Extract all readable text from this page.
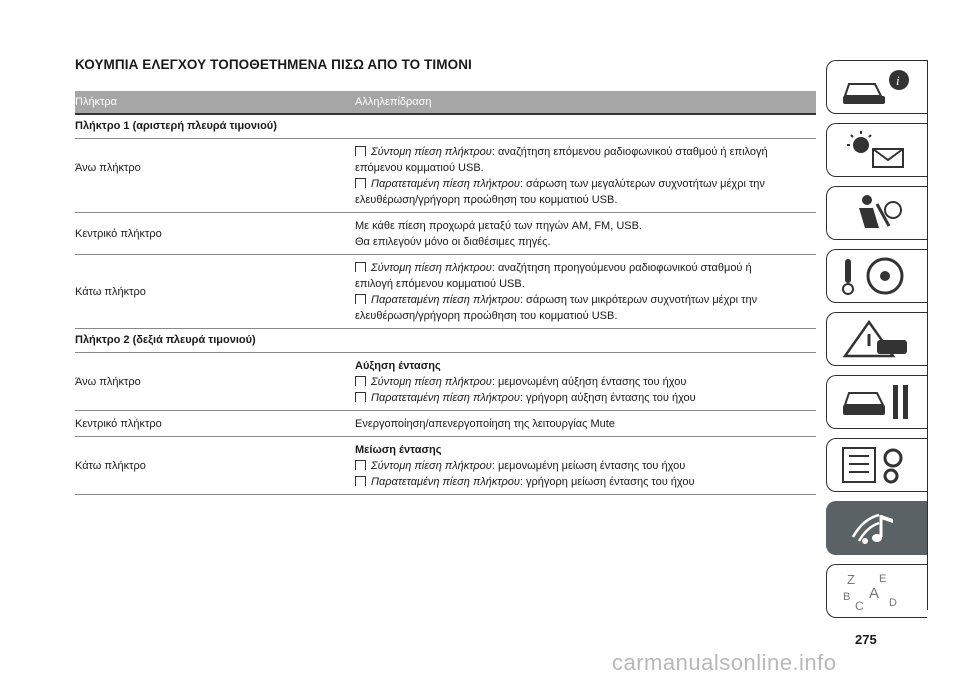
ΚΟΥΜΠΙΑ ΕΛΕΓΧΟΥ ΤΟΠΟΘΕΤΗΜΕΝΑ ΠΙΣΩ ΑΠΟ ΤΟ ΤΙΜΟΝΙ
Πλήκτρα	Αλληλεπίδραση
Πλήκτρο 1 (αριστερή πλευρά τιμονιού)
Άνω πλήκτρο
Σύντομη πίεση πλήκτρου: αναζήτηση επόμενου ραδιοφωνικού σταθμού ή επιλογή
επόμενου κομματιού USB.
Παρατεταμένη πίεση πλήκτρου: σάρωση των μεγαλύτερων συχνοτήτων μέχρι την
ελευθέρωση/γρήγορη προώθηση του κομματιού USB.
Κεντρικό πλήκτρο
Με κάθε πίεση προχωρά μεταξύ των πηγών AM, FM, USB.
Θα επιλεγούν μόνο οι διαθέσιμες πηγές.
Κάτω πλήκτρο
Σύντομη πίεση πλήκτρου: αναζήτηση προηγούμενου ραδιοφωνικού σταθμού ή
επιλογή επόμενου κομματιού USB.
Παρατεταμένη πίεση πλήκτρου: σάρωση των μικρότερων συχνοτήτων μέχρι την
ελευθέρωση/γρήγορη προώθηση του κομματιού USB.
Πλήκτρο 2 (δεξιά πλευρά τιμονιού)
Άνω πλήκτρο
Αύξηση έντασης
Σύντομη πίεση πλήκτρου: μεμονωμένη αύξηση έντασης του ήχου
Παρατεταμένη πίεση πλήκτρου: γρήγορη αύξηση έντασης του ήχου
Κεντρικό πλήκτρο	Ενεργοποίηση/απενεργοποίηση της λειτουργίας Mute
Κάτω πλήκτρο
Μείωση έντασης
Σύντομη πίεση πλήκτρου: μεμονωμένη μείωση έντασης του ήχου
Παρατεταμένη πίεση πλήκτρου: γρήγορη μείωση έντασης του ήχου
i
Z E
B A
C D
275
carmanualsonline.info
